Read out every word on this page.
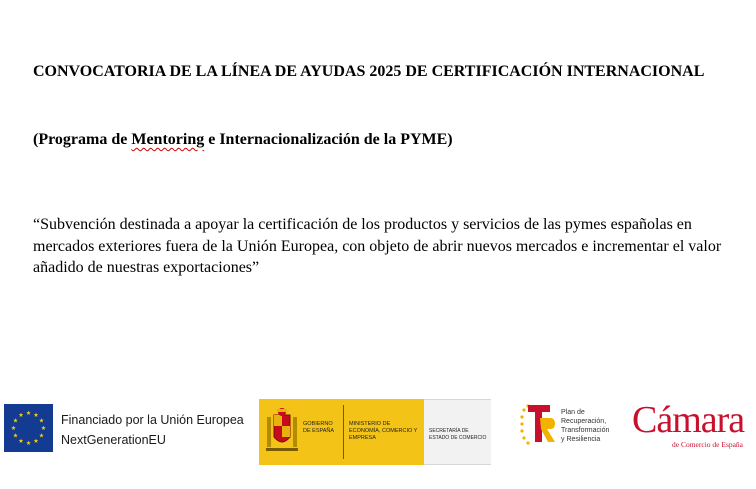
CONVOCATORIA DE LA LÍNEA DE AYUDAS 2025 DE CERTIFICACIÓN INTERNACIONAL

(Programa de Mentoring e Internacionalización de la PYME)

“Subvención destinada a apoyar la certificación de los productos y servicios de las pymes españolas en mercados exteriores fuera de la Unión Europea, con objeto de abrir nuevos mercados e incrementar el valor añadido de nuestras exportaciones”

Financiado por la Unión Europea
NextGenerationEU
GOBIERNO DE ESPAÑA
MINISTERIO DE ECONOMÍA, COMERCIO Y EMPRESA
SECRETARÍA DE ESTADO DE COMERCIO
Plan de
Recuperación,
Transformación
y Resiliencia Cámara
de Comercio de España
